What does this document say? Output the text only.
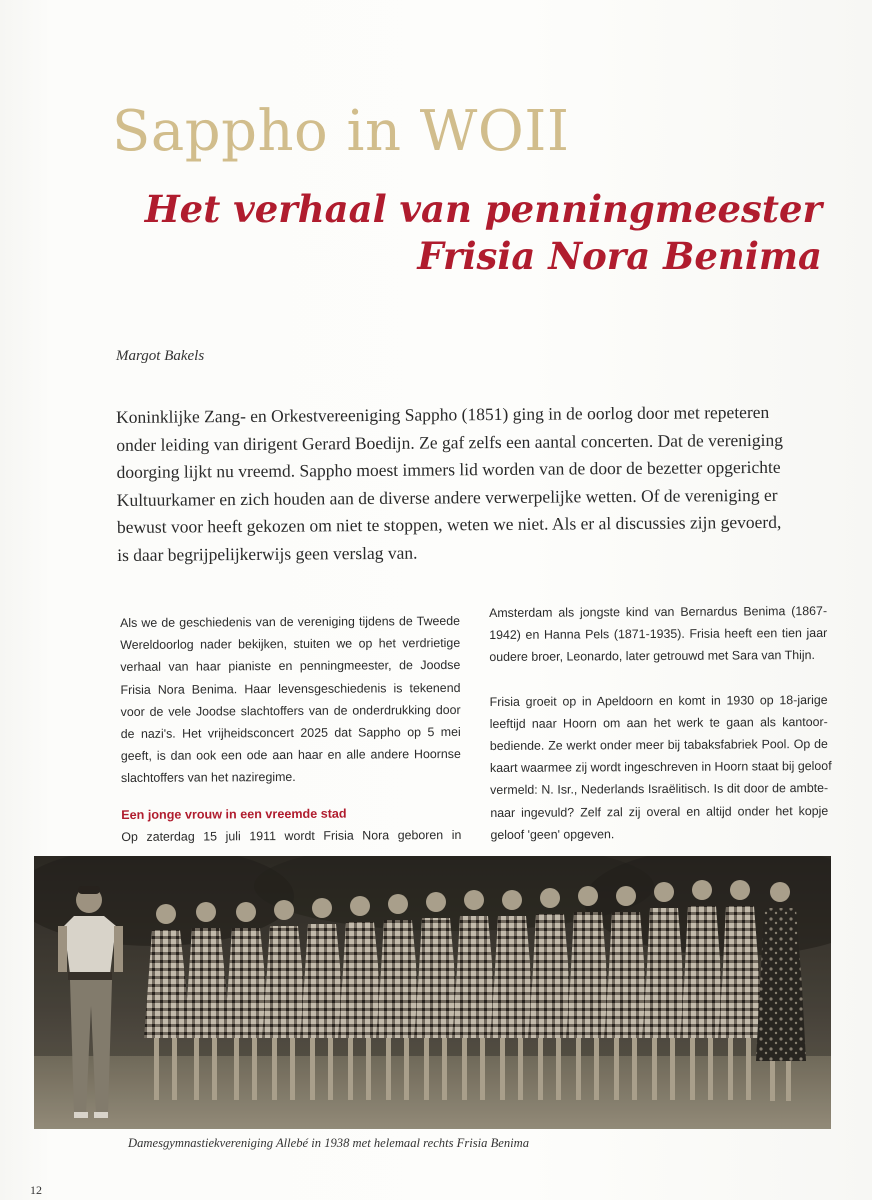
Sappho in WOII
Het verhaal van penningmeester
Frisia Nora Benima
Margot Bakels
Koninklijke Zang- en Orkestvereeniging Sappho (1851) ging in de oorlog door met repeteren
onder leiding van dirigent Gerard Boedijn. Ze gaf zelfs een aantal concerten. Dat de vereniging
doorging lijkt nu vreemd. Sappho moest immers lid worden van de door de bezetter opgerichte
Kultuurkamer en zich houden aan de diverse andere verwerpelijke wetten. Of de vereniging er
bewust voor heeft gekozen om niet te stoppen, weten we niet. Als er al discussies zijn gevoerd,
is daar begrijpelijkerwijs geen verslag van.
Als we de geschiedenis van de vereniging tijdens de Tweede
Wereldoorlog nader bekijken, stuiten we op het verdrietige
verhaal van haar pianiste en penningmeester, de Joodse
Frisia Nora Benima. Haar levensgeschiedenis is tekenend
voor de vele Joodse slachtoffers van de onderdrukking door
de nazi's. Het vrijheidsconcert 2025 dat Sappho op 5 mei
geeft, is dan ook een ode aan haar en alle andere Hoornse
slachtoffers van het naziregime.
Een jonge vrouw in een vreemde stad
Op zaterdag 15 juli 1911 wordt Frisia Nora geboren in
Amsterdam als jongste kind van Bernardus Benima (1867-
1942) en Hanna Pels (1871-1935). Frisia heeft een tien jaar
oudere broer, Leonardo, later getrouwd met Sara van Thijn.
Frisia groeit op in Apeldoorn en komt in 1930 op 18-jarige
leeftijd naar Hoorn om aan het werk te gaan als kantoor-
bediende. Ze werkt onder meer bij tabaksfabriek Pool. Op de
kaart waarmee zij wordt ingeschreven in Hoorn staat bij geloof
vermeld: N. Isr., Nederlands Israëlitisch. Is dit door de ambte-
naar ingevuld? Zelf zal zij overal en altijd onder het kopje
geloof 'geen' opgeven.
Damesgymnastiekvereniging Allebé in 1938 met helemaal rechts Frisia Benima
12
